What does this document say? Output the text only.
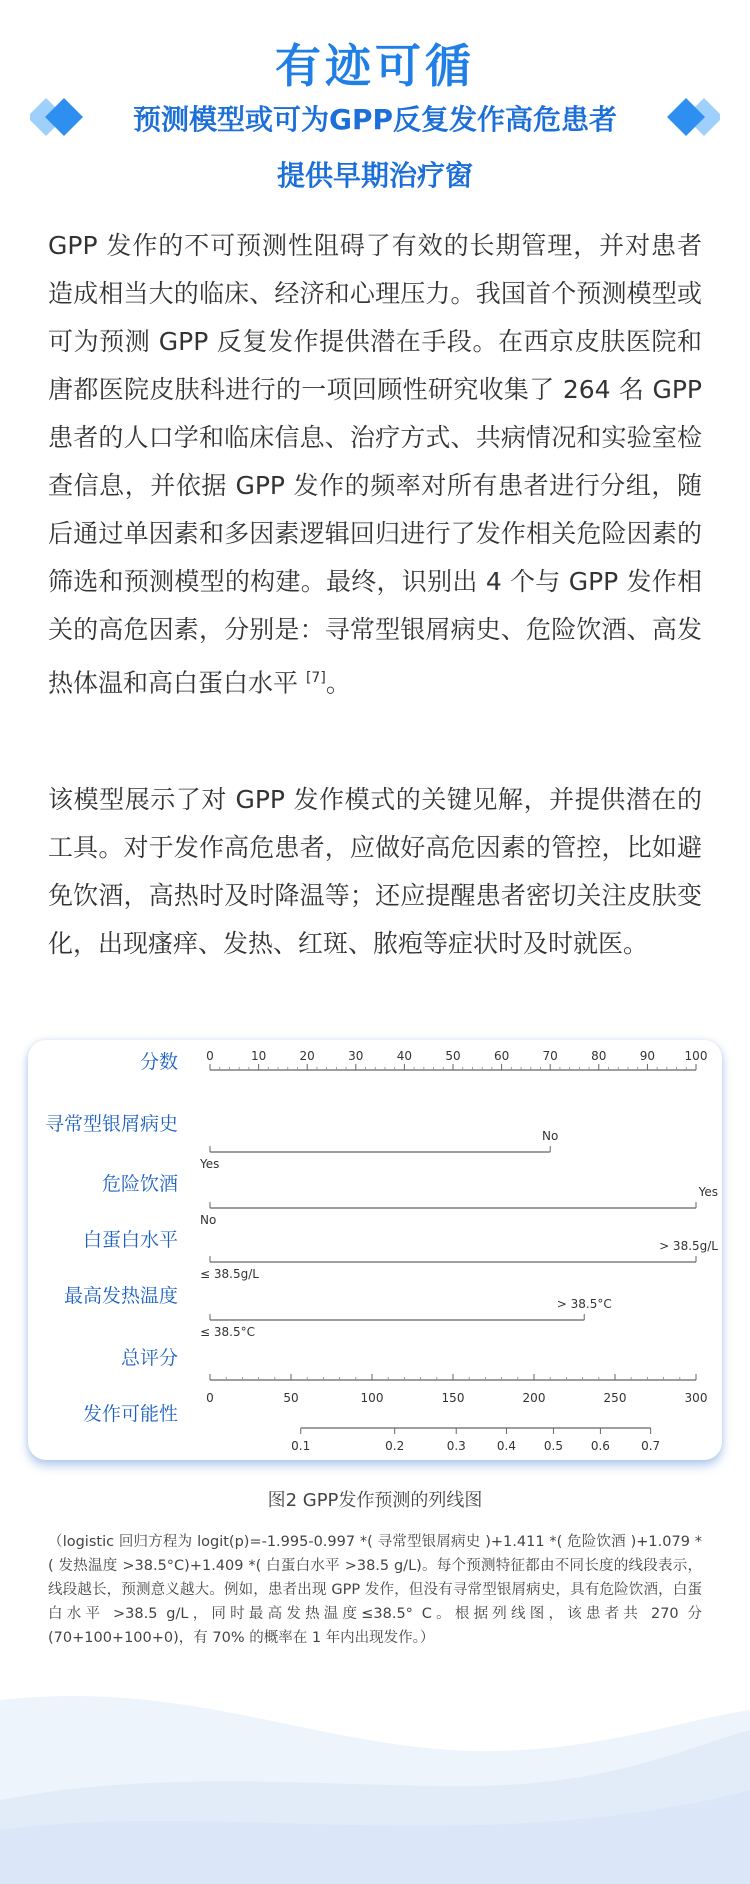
有迹可循
预测模型或可为GPP反复发作高危患者
提供早期治疗窗

GPP 发作的不可预测性阻碍了有效的长期管理，并对患者造成相当大的临床、经济和心理压力。我国首个预测模型或可为预测 GPP 反复发作提供潜在手段。在西京皮肤医院和唐都医院皮肤科进行的一项回顾性研究收集了 264 名 GPP 患者的人口学和临床信息、治疗方式、共病情况和实验室检查信息，并依据 GPP 发作的频率对所有患者进行分组，随后通过单因素和多因素逻辑回归进行了发作相关危险因素的筛选和预测模型的构建。最终，识别出 4 个与 GPP 发作相关的高危因素，分别是：寻常型银屑病史、危险饮酒、高发热体温和高白蛋白水平 [7]。

该模型展示了对 GPP 发作模式的关键见解，并提供潜在的工具。对于发作高危患者，应做好高危因素的管控，比如避免饮酒，高热时及时降温等；还应提醒患者密切关注皮肤变化，出现瘙痒、发热、红斑、脓疱等症状时及时就医。

分数 0	10	20	30	40	50	60	70	80	90 100
寻常型银屑病史
Yes
No
危险饮酒
No
Yes
白蛋白水平
≤ 38.5g/L
> 38.5g/L
最高发热温度
≤ 38.5°C
> 38.5°C
总评分
0	50	100	150	200	250	300
发作可能性
0.1	0.2	0.3	0.4 0.5 0.6	0.7
图2 GPP发作预测的列线图

（logistic 回归方程为 logit(p)=-1.995-0.997 *( 寻常型银屑病史 )+1.411 *( 危险饮酒 )+1.079 *( 发热温度 >38.5°C)+1.409 *( 白蛋白水平 >38.5 g/L)。每个预测特征都由不同长度的线段表示，线段越长，预测意义越大。例如，患者出现 GPP 发作，但没有寻常型银屑病史，具有危险饮酒，白蛋白水平 >38.5 g/L，同时最高发热温度≤38.5° C。根据列线图，该患者共 270 分(70+100+100+0)，有 70% 的概率在 1 年内出现发作。）
